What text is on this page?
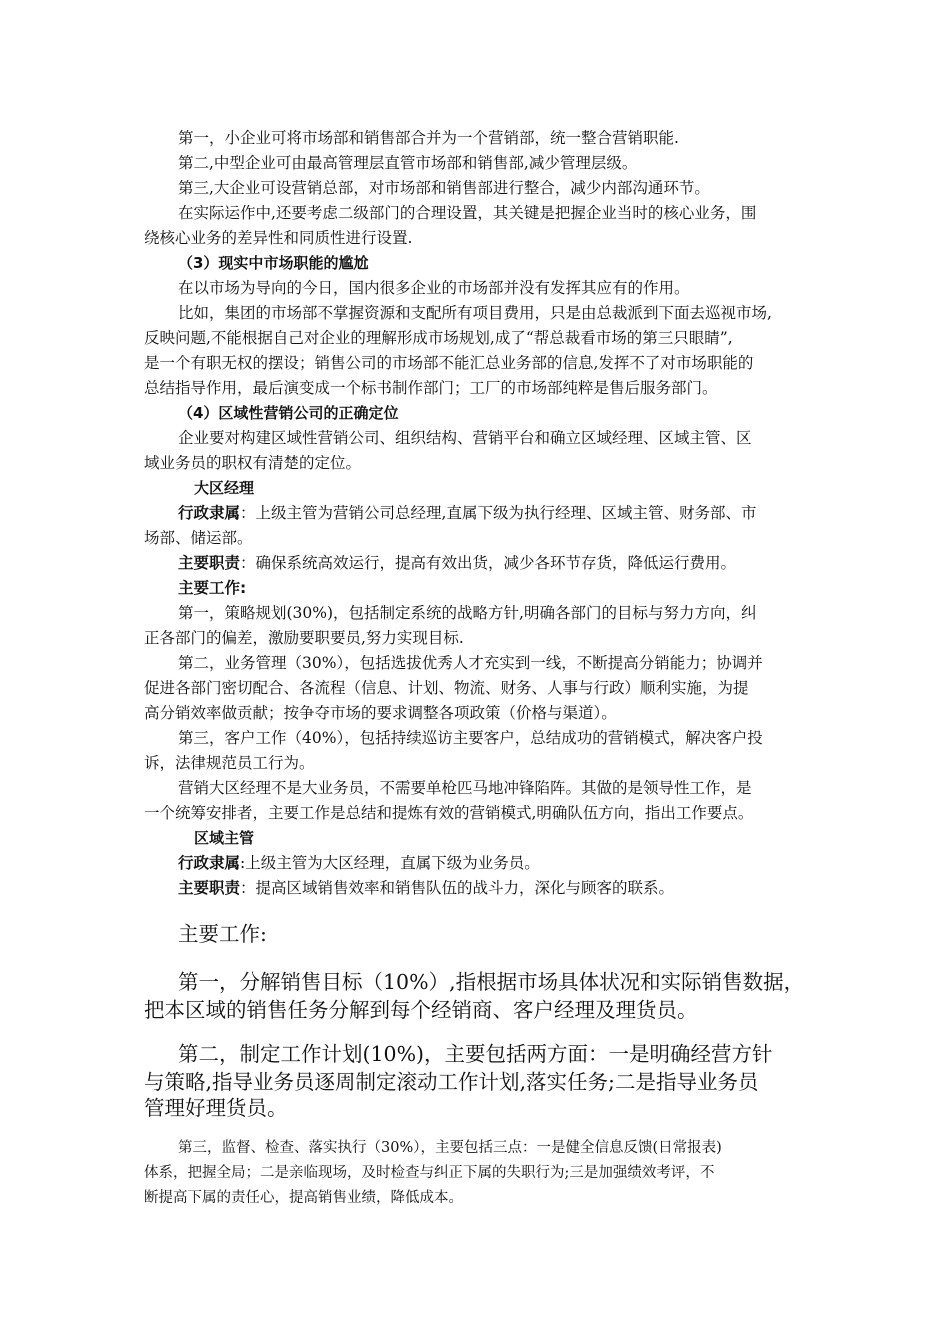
第一，小企业可将市场部和销售部合并为一个营销部，统一整合营销职能.
第二,中型企业可由最高管理层直管市场部和销售部,减少管理层级。
第三,大企业可设营销总部，对市场部和销售部进行整合，减少内部沟通环节。
在实际运作中,还要考虑二级部门的合理设置，其关键是把握企业当时的核心业务，围
绕核心业务的差异性和同质性进行设置.
（3）现实中市场职能的尴尬
在以市场为导向的今日，国内很多企业的市场部并没有发挥其应有的作用。
比如，集团的市场部不掌握资源和支配所有项目费用，只是由总裁派到下面去巡视市场,
反映问题,不能根据自己对企业的理解形成市场规划,成了“帮总裁看市场的第三只眼睛”,
是一个有职无权的摆设；销售公司的市场部不能汇总业务部的信息,发挥不了对市场职能的
总结指导作用，最后演变成一个标书制作部门；工厂的市场部纯粹是售后服务部门。
（4）区域性营销公司的正确定位
企业要对构建区域性营销公司、组织结构、营销平台和确立区域经理、区域主管、区
域业务员的职权有清楚的定位。
大区经理
行政隶属：上级主管为营销公司总经理,直属下级为执行经理、区域主管、财务部、市
场部、储运部。
主要职责：确保系统高效运行，提高有效出货，减少各环节存货，降低运行费用。
主要工作:
第一，策略规划(30%)，包括制定系统的战略方针,明确各部门的目标与努力方向，纠
正各部门的偏差，激励要职要员,努力实现目标.
第二，业务管理（30%），包括选拔优秀人才充实到一线，不断提高分销能力；协调并
促进各部门密切配合、各流程（信息、计划、物流、财务、人事与行政）顺利实施，为提
高分销效率做贡献；按争夺市场的要求调整各项政策（价格与渠道）。
第三，客户工作（40%），包括持续巡访主要客户，总结成功的营销模式，解决客户投
诉，法律规范员工行为。
营销大区经理不是大业务员，不需要单枪匹马地冲锋陷阵。其做的是领导性工作，是
一个统筹安排者，主要工作是总结和提炼有效的营销模式,明确队伍方向，指出工作要点。
区域主管
行政隶属:上级主管为大区经理，直属下级为业务员。
主要职责：提高区域销售效率和销售队伍的战斗力，深化与顾客的联系。
主要工作:
第一，分解销售目标（10%）,指根据市场具体状况和实际销售数据，
把本区域的销售任务分解到每个经销商、客户经理及理货员。
第二，制定工作计划(10%)，主要包括两方面：一是明确经营方针
与策略,指导业务员逐周制定滚动工作计划,落实任务;二是指导业务员
管理好理货员。
第三，监督、检查、落实执行（30%），主要包括三点：一是健全信息反馈(日常报表)
体系，把握全局；二是亲临现场，及时检查与纠正下属的失职行为;三是加强绩效考评，不
断提高下属的责任心，提高销售业绩，降低成本。
